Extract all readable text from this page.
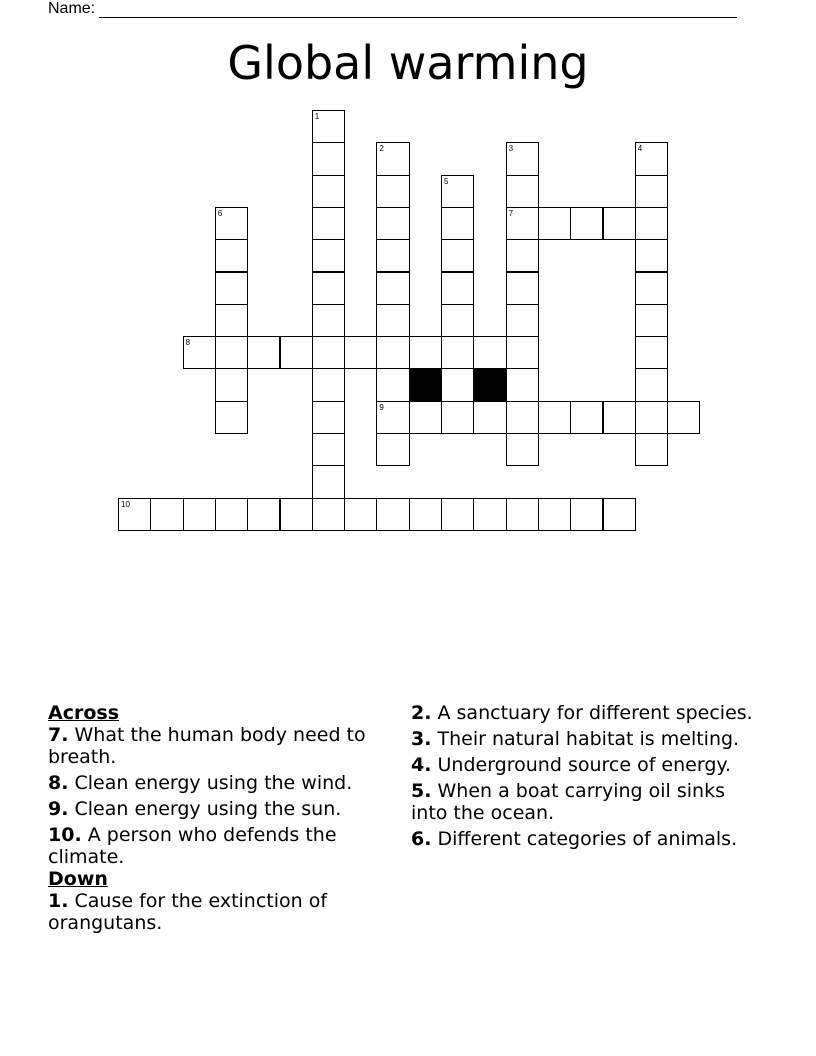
Name:
Global warming
1
2
9
3
7
4
5
6
8
10

Across

7. What the human body need to breath.

8. Clean energy using the wind.

9. Clean energy using the sun.

10. A person who defends the climate.

Down

1. Cause for the extinction of orangutans.

2. A sanctuary for different species.

3. Their natural habitat is melting.

4. Underground source of energy.

5. When a boat carrying oil sinks into the ocean.

6. Different categories of animals.
